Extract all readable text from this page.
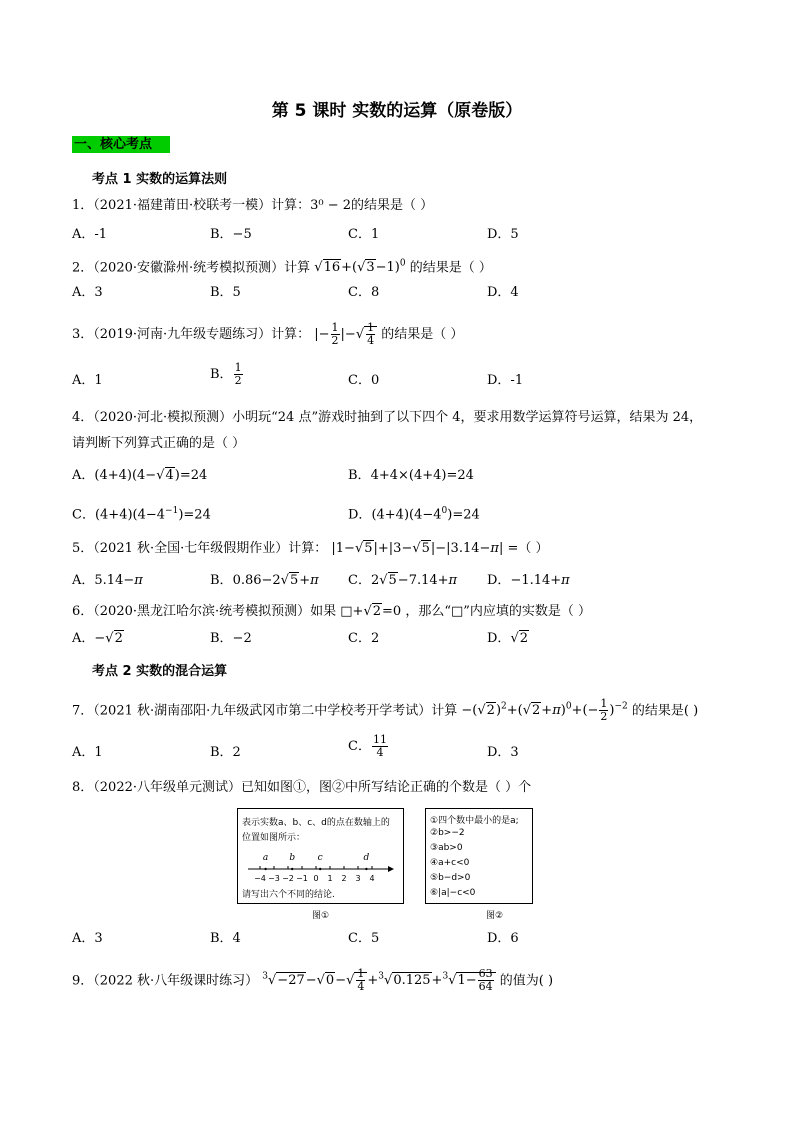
第 5 课时 实数的运算（原卷版）
一、核心考点
考点 1 实数的运算法则
1．（2021·福建莆田·校联考一模）计算：3⁰ − 2的结果是（ ）
A．-1	B．−5	C．1	D．5
2．（2020·安徽滁州·统考模拟预测）计算 $√16+(√3-1)^0$ 的结果是（ ）
A．3	B．5	C．8	D．4
3．（2019·河南·九年级专题练习）计算： |− $\frac{1}{2}$ |−√ $\frac{1}{4}$ 的结果是（ ）
A．1	B． $\frac{1}{2}$	C．0	D．-1
4．（2020·河北·模拟预测）小明玩“24 点”游戏时抽到了以下四个 4，要求用数学运算符号运算，结果为 24，
请判断下列算式正确的是（ ）
A．(4+4)(4−√4)=24	B．4+4×(4+4)=24
C．$(4+4)(4-4^{-1})=24$	D．$(4+4)(4-4^0)=24$
5．（2021 秋·全国·七年级假期作业）计算： |1−√5|+|3−√5|−|3.14−π| =（ ）
A．5.14−π	B．0.86−2√5+π C．2√5−7.14+π D．−1.14+π
6．（2020·黑龙江哈尔滨·统考模拟预测）如果 □+√2=0 ，那么“□”内应填的实数是（ ）
A．−√2	B．−2	C．2	D．√2
考点 2 实数的混合运算
7．（2021 秋·湖南邵阳·九年级武冈市第二中学校考开学考试）计算 $-(√2)^2+(√2+\pi)^0+(- \frac{1}{2} )^{-2}$ 的结果是( )
A．1	B．2	C． $\frac{11}{4}$	D．3
8．（2022·八年级单元测试）已知如图①，图②中所写结论正确的个数是（ ）个
表示实数a、b、c、d的点在数轴上的
位置如图所示：
−4 −3 −2 −1 0 1 2 3 4
a b	c	d
请写出六个不同的结论.
图①
①四个数中最小的是a;
②b>−2
③ab>0
④a+c<0
⑤b−d>0
⑥|a|−c<0
图②
A．3	B．4	C．5	D．6
9．（2022 秋·八年级课时练习） $^3√-27-√0-√ \frac{1}{4} +^3√0.125+^3√1- \frac{63}{64}$ 的值为( )
